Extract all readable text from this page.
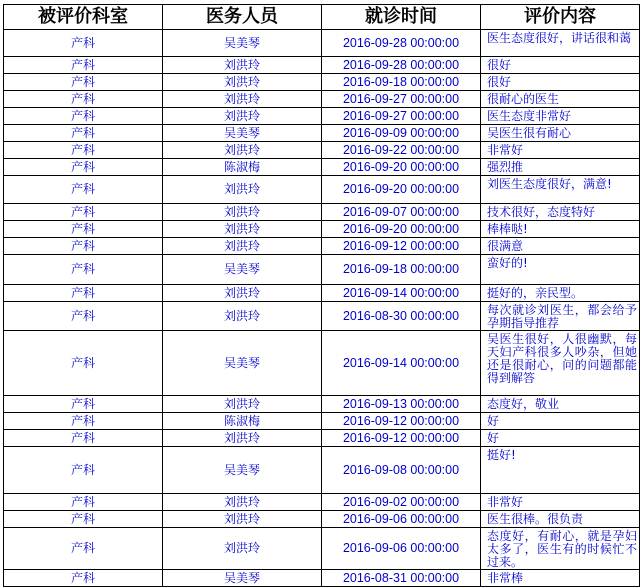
被评价科室	医务人员	就诊时间	评价内容
产科	吴美琴	2016-09-28 00:00:00	医生态度很好，讲话很和蔼
产科	刘洪玲	2016-09-28 00:00:00	很好
产科	刘洪玲	2016-09-18 00:00:00	很好
产科	刘洪玲	2016-09-27 00:00:00	很耐心的医生
产科	刘洪玲	2016-09-27 00:00:00	医生态度非常好
产科	吴美琴	2016-09-09 00:00:00	吴医生很有耐心
产科	刘洪玲	2016-09-22 00:00:00	非常好
产科	陈淑梅	2016-09-20 00:00:00	强烈推
产科	刘洪玲	2016-09-20 00:00:00	刘医生态度很好，满意!
产科	刘洪玲	2016-09-07 00:00:00	技术很好，态度特好
产科	刘洪玲	2016-09-20 00:00:00	棒棒哒!
产科	刘洪玲	2016-09-12 00:00:00	很满意
产科	吴美琴	2016-09-18 00:00:00	蛮好的!
产科	刘洪玲	2016-09-14 00:00:00	挺好的，亲民型。
产科	刘洪玲	2016-08-30 00:00:00	每次就诊刘医生，都会给予孕期指导推荐
产科	吴美琴	2016-09-14 00:00:00	吴医生很好，人很幽默，每天妇产科很多人吵杂，但她还是很耐心，问的问题都能得到解答
产科	刘洪玲	2016-09-13 00:00:00	态度好，敬业
产科	陈淑梅	2016-09-12 00:00:00	好
产科	刘洪玲	2016-09-12 00:00:00	好
产科	吴美琴	2016-09-08 00:00:00	挺好!
产科	刘洪玲	2016-09-02 00:00:00	非常好
产科	刘洪玲	2016-09-06 00:00:00	医生很棒。很负责
产科	刘洪玲	2016-09-06 00:00:00	态度好，有耐心，就是孕妇太多了，医生有的时候忙不过来。
产科	吴美琴	2016-08-31 00:00:00	非常棒
